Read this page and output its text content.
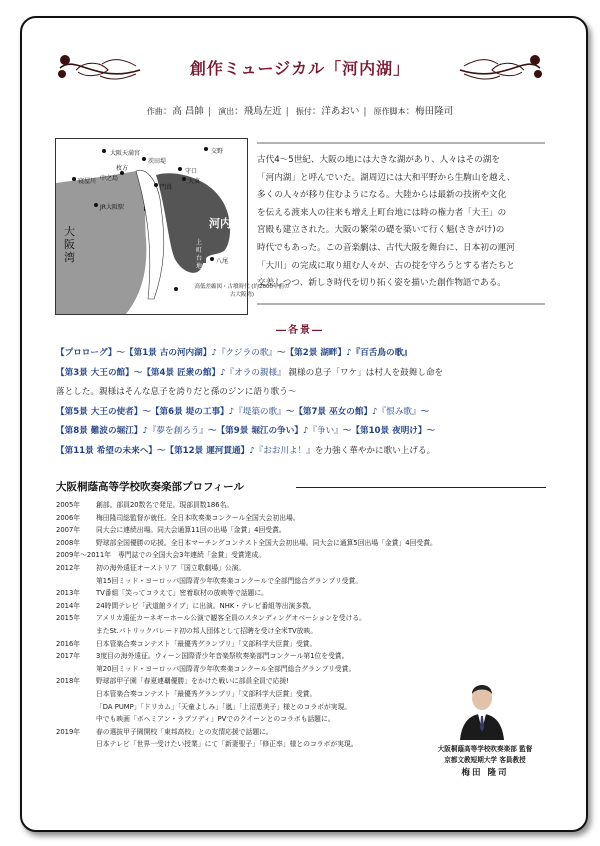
創作ミュージカル「河内湖」
作曲：高 昌帥 | 演出：飛鳥左近 | 振付：洋あおい | 原作脚本：梅田隆司
大阪天満宮
茨田堤
交野
枚方	守口
門真
大東
中之島
寝屋川
JR大阪駅
八尾
河内湖
大阪湾
上町台地
高低差縮図・古墳時代 (約2000年前の古大阪湾)
古代4～5世紀、大阪の地には大きな湖があり、人々はその湖を
「河内湖」と呼んでいた。湖周辺には大和平野から生駒山を越え、
多くの人々が移り住むようになる。大陸からは最新の技術や文化
を伝える渡来人の往来も増え上町台地には時の権力者「大王」の
宮殿も建立された。大阪の繁栄の礎を築いて行く魁(さきがけ)の
時代でもあった。この音楽劇は、古代大阪を舞台に、日本初の運河
「大川」の完成に取り組む人々が、古の掟を守ろうとする者たちと
交差しつつ、新しき時代を切り拓く姿を描いた創作物語である。
―各景―
【プロローグ】～【第1景 古の河内湖】♪『クジラの歌』～【第2景 湖畔】♪『百舌鳥の歌』
【第3景 大王の館】～【第4景 匠衆の館】♪『オラの親様』 親様の息子「ワケ」は村人を鼓舞し命を
落とした。親様はそんな息子を誇りだと孫のジンに語り歌う～
【第5景 大王の使者】～【第6景 堤の工事】♪『堤築の歌』～【第7景 巫女の館】♪『恨み歌』～
【第8景 難波の堀江】♪『夢を創ろう』～【第9景 堀江の争い】♪『争い』～【第10景 夜明け】～
【第11景 希望の未来へ】～【第12景 運河貫通】♪『おお川よ！』を力強く華やかに歌い上げる。
大阪桐蔭高等学校吹奏楽部プロフィール
2005年	創部。部員20数名で発足。現部員数186名。
2006年	梅田隆司総監督が就任。全日本吹奏楽コンクール全国大会初出場。
2007年	同大会に連続出場。同大会通算11回の出場「金賞」4回受賞。
2008年	野球部全国優勝の応援。全日本マーチングコンテスト全国大会初出場。同大会に通算5回出場「金賞」4回受賞。
2009年～2011年	専門誌での全国大会3年連続「金賞」受賞達成。
2012年	初の海外遠征オーストリア「国立歌劇場」公演。
第15回ミッド・ヨーロッパ国際青少年吹奏楽コンクールで全部門総合グランプリ受賞。
2013年	TV番組「笑ってコラえて」密着取材の放映等で話題に。
2014年	24時間テレビ「武道館ライブ」に出演。NHK・テレビ番組等出演多数。
2015年	アメリカ遠征カーネギーホール公演で観客全員のスタンディングオベーションを受ける。
またSt.パトリックパレード初の邦人団体として招聘を受け全米TV放映。
2016年	日本管楽合奏コンテスト「最優秀グランプリ」「文部科学大臣賞」受賞。
2017年	3度目の海外遠征。ウィーン国際青少年音楽祭吹奏楽部門コンクール第1位を受賞。
第20回ミッド・ヨーロッパ国際青少年吹奏楽コンクール全部門総合グランプリ受賞。
2018年	野球部甲子園「春夏連覇優勝」をかけた戦いに部員全員で応援!
日本管楽合奏コンテスト「最優秀グランプリ」「文部科学大臣賞」受賞。
「DA PUMP」「ドリカム」「天童よしみ」「嵐」「上沼恵美子」様とのコラボが実現。
中でも映画「ボヘミアン・ラプソディ」PVでのクイーンとのコラボも話題に。
2019年	春の選抜甲子園開校「東邦高校」との友情応援で話題に。
日本テレビ「世界一受けたい授業」にて「新妻聖子」「修正率」様とのコラボが実現。
大阪桐蔭高等学校吹奏楽部 監督
京都文教短期大学 客員教授
梅田 隆司
